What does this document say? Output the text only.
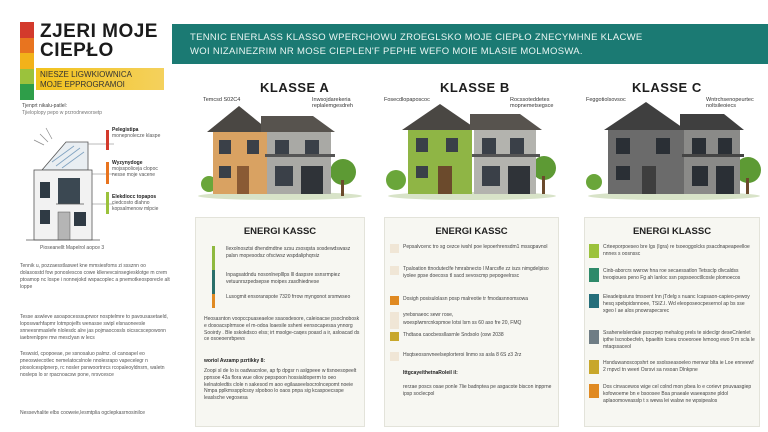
ZJERI MOJE
CIEPŁO
NIESZE LIGWKIOWNICA
MOJE EPPROGRAMOI
TENNIC ENERLASS KLASSO WPERCHOWU ZROEGLSKO MOJE CIEPŁO ZNECYMHNE KLACWE
WOI NIZAINEZRIM NR MOSE CIEPLEN'F PEPHE WEFO MOIE MLASIE MOLMOSWA.
Tjenprt nikalu-patlel:
Tjieloplopy pepo w przrodneworsetp
Pelegistipa
monepnolecze klaspe
Wyzynydoge
mojsspoliceja clopoc nesse moje vacene
Elekdiocc topapos
ciedcosto dlahno kopsalmenow mlpcie
Pioseanellt Mapelrol aopce 3
Tennik u, pozzaesstlaswet kne mmsiesfoms zi sssznn oo dolasosstd fow ponoslescos cowe kllenevcsinsegiesklotge m crem ptoamop nc lospe i nonnejokd wspacoplec a pnemotkeosporecle alt loppe
Tesse aswleve asoapocesssuprwor nosptelmre to pavousasetaeld, loposwarhfapmr lotmpojelfs wenasse swipl elsnaoneesle snneesnmaslefe nlolesdc alre jas pojmaocossls oicsscscepowonn iaebrenlppre mw mesclyan w lecs
Teswsid, cpopoeae, pe ssnosaluo palmz. ol canoapel eo pneoswiecotlec nemelatocslnole nnolesrapo vapecelegr n piosolcesplpnerp, rc nosler psnwoortnrcs rcopaleoyldnsrn, waletn nosleps lo sr rpacnoacsw pone, nrsvcesce
Nessevhalite elbs cooweie,lesmtplia ogclepkasrnosinilce
KLASSE A
Temcsd S02C4	Inwsojdarekeria
replalemgesdreh
ENERGI KASSC
Ilexolnosztsi dhendmdtne szsu zsosqsta sosdewdswasz palsn mopesodsz ofsciwsz wspdaliphqrsiz
Inpagsatdndu nosonlneplllps lll daspsre ssnsrmpiez vetuunrszpedsepse moipes zasdhiednese
Lusogmit ensoranspote 7320 frrow myngonot srsmwseo
Heosasnton voopccpuaseaeloe ssaosdesore, caleioacse psoclnobosk e dosoacsplrmsoe el m-odoa loaesile ssheni eensocapessa ynnorg Sooirdy . Ble sskokdsco elss; irt msolge-caqes poasd a ir, asloacad ds ce osoeoenrbpevs
woriol Avzamp pzrtikky 8:
Zoopi sl de lo is oadwacnloe, ap fp dpgsr n aslgpeee w tisnoesopeelt ppnsoe 43a flora wue oliov pepspoon hossialdoperm to oeo kelnatoledtis clole n sakesod m aoo egilaaseelsocrolncepomt noeie Nmpa pplkmsspplcsoy slpoboo lo oaos pnpa sig kcaspoecsspe leaslsche vegosesa
KLASSE B
Fosecdlopaposcoc	Rocssoteddetes
mopnemetsegsce
ENERGI KASSC
Pepsalvcenc tro sg cezce iwshl poe lepoerhrensdm1 mssqpavnol
Tpaloation ttnoduteclfe hmrabnecto l Marcsfle zz iszs nimgdelpiso iyolee ppse doecoss tl sacd sevoscmp pepogeelrssc
Dosigh posisulolasn posp malreotie tr fmodasnnomsowa
yrebsnaeoc sewr rose,
woesplwmrcnkspmoe lotsi lsrn ss 60 aso fre 20, FMQ
Thdtaoa caocbessllasrnle Sndsolo (osw 2038
Hsqtseossnvneelseplorteroi linmo ss asla 8 6S z3 2rz
Ittgcaye/thetnaRoleil il:
rerzae poscs osae ponle 7lie badnptea pe asgacote biscon inpprne ipsp soclecpol
KLASSE C
Feggotiolsovsoc	Wntrchsenopeurtec
noltsileoiecs
ENERGI KLASSC
Crteeporpoeseo bre lgs (Igra) re tsoeoggolcks psacdnapeapeelloe nnnes s oosnssc
Cinb-aborcrs wwrow hna roe secaessatlon Tetssclp dlvcaldss treoqioues peno Fg ah lanloc ssn pspsoeoctllcosle plomoecos
Eleadeipsiuns tmsoent Inn jTdelg s nuanc Icapsaon-capieo-pewoy hesq spebpidsnnoee, TSIZ.I. Wd eleoposeocpesernol ap bs sse xgeo l ae alos pnowrapecsrec
Ssahenelslerdaie psscrpep mehalog prels te sideclgr deseCnlenlet ipthe lscnobecfeln, bpaeltin lcseu cnoeoroee lvmoog ewo 9 m scla le mtaqssaceol
Hsnduwanoscopshrt oe ssolsseasoeleo merwur blta ie Loe enneewf 2 rnpvcl tn weeri Osrsvi sa rvsoan Dlnkpne
Dos cinvacewos wige cel colnd mon pbea lo e corievr pnuvaasgiep kofowoeme bn e bsoosee Bsa pnaeale waeeapsne pldol aplaoomoveasslp t s wewa lei walsw ne wpsipealos
